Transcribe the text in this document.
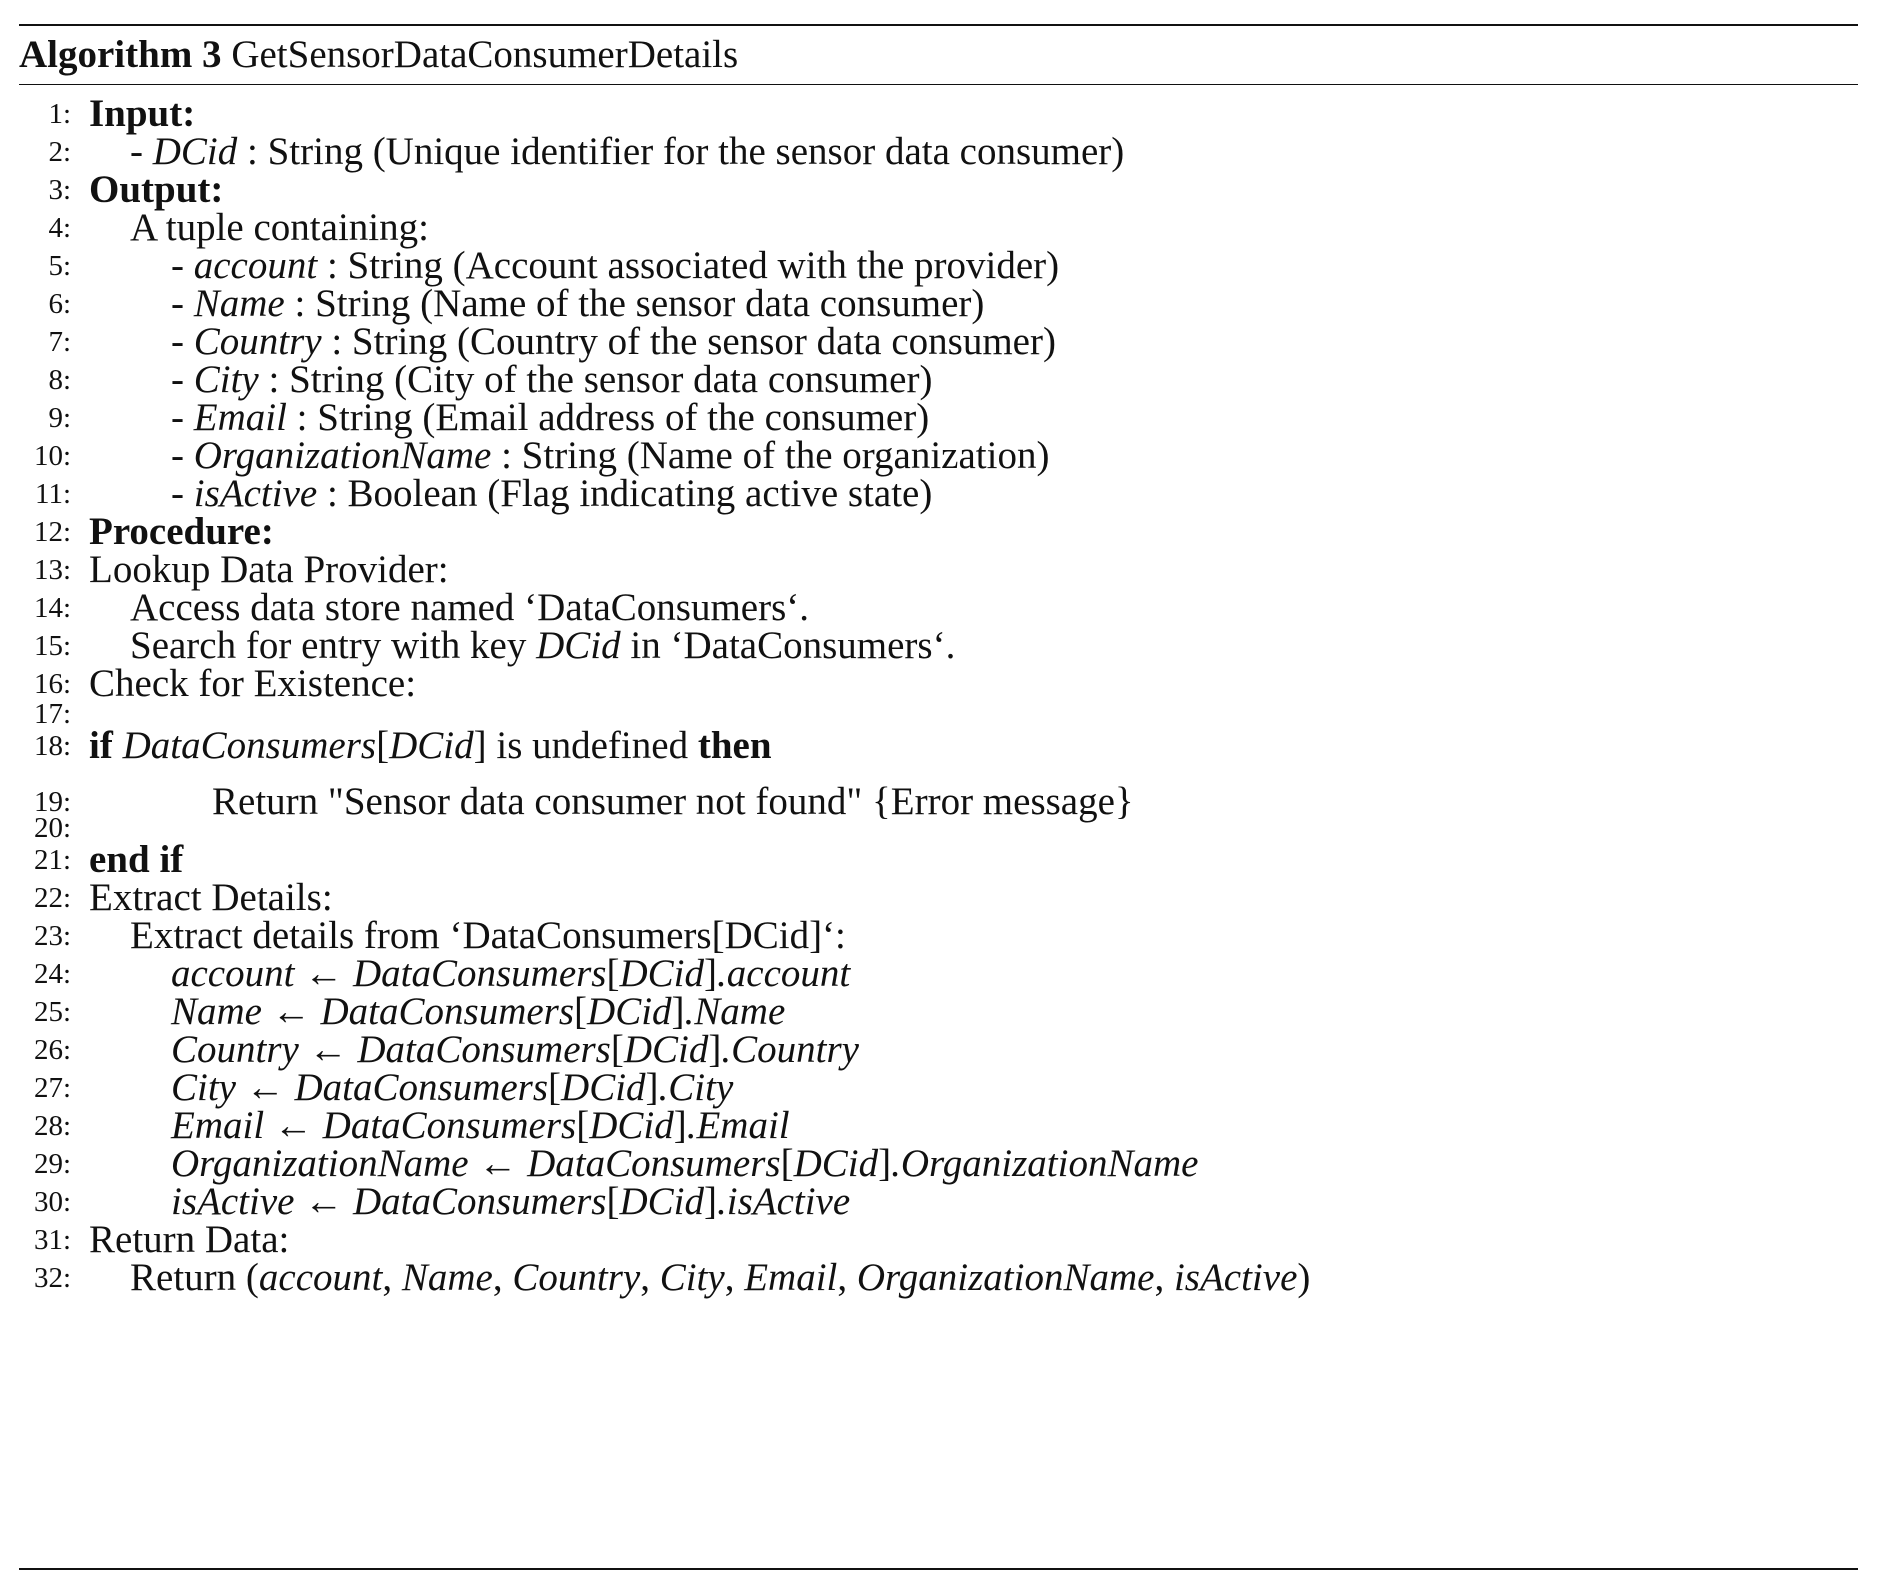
Algorithm 3 GetSensorDataConsumerDetails
1: Input:
2: - DCid : String (Unique identifier for the sensor data consumer)
3: Output:
4: A tuple containing:
5:	- account : String (Account associated with the provider)
6:	- Name : String (Name of the sensor data consumer)
7:	- Country : String (Country of the sensor data consumer)
8:	- City : String (City of the sensor data consumer)
9:	- Email : String (Email address of the consumer)
10:	- OrganizationName : String (Name of the organization)
11:	- isActive : Boolean (Flag indicating active state)
12: Procedure:
13: Lookup Data Provider:
14: Access data store named ‘DataConsumers‘.
15: Search for entry with key DCid in ‘DataConsumers‘.
16: Check for Existence:
17:
18: if DataConsumers[DCid] is undefined then
19:	Return "Sensor data consumer not found" {Error message}
20:
21: end if
22: Extract Details:
23: Extract details from ‘DataConsumers[DCid]‘:
24:	account ← DataConsumers[DCid].account
25:	Name ← DataConsumers[DCid].Name
26:	Country ← DataConsumers[DCid].Country
27:	City ← DataConsumers[DCid].City
28:	Email ← DataConsumers[DCid].Email
29:	OrganizationName ← DataConsumers[DCid].OrganizationName
30:	isActive ← DataConsumers[DCid].isActive
31: Return Data:
32: Return (account, Name, Country, City, Email, OrganizationName, isActive)
